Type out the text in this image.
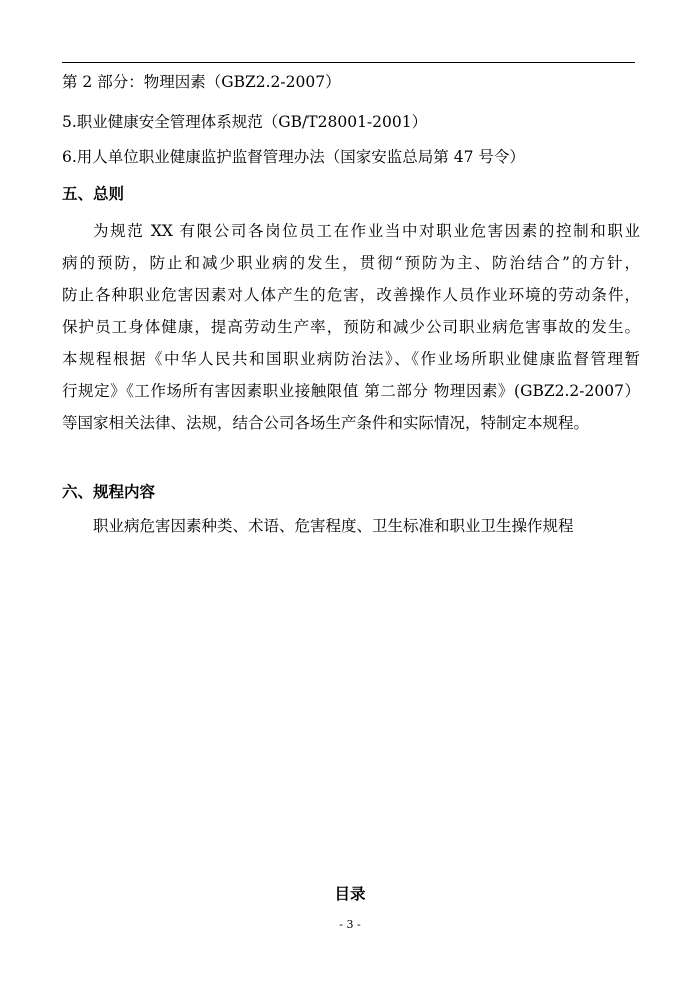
第 2 部分：物理因素（GBZ2.2-2007）
5.职业健康安全管理体系规范（GB/T28001-2001）
6.用人单位职业健康监护监督管理办法（国家安监总局第 47 号令）
五、总则

为规范 XX 有限公司各岗位员工在作业当中对职业危害因素的控制和职业

病的预防，防止和减少职业病的发生，贯彻“预防为主、防治结合”的方针，

防止各种职业危害因素对人体产生的危害，改善操作人员作业环境的劳动条件，

保护员工身体健康，提高劳动生产率，预防和减少公司职业病危害事故的发生。

本规程根据《中华人民共和国职业病防治法》、《作业场所职业健康监督管理暂

行规定》《工作场所有害因素职业接触限值 第二部分 物理因素》(GBZ2.2-2007）

等国家相关法律、法规，结合公司各场生产条件和实际情况，特制定本规程。

六、规程内容
职业病危害因素种类、术语、危害程度、卫生标准和职业卫生操作规程
目录
- 3 -
